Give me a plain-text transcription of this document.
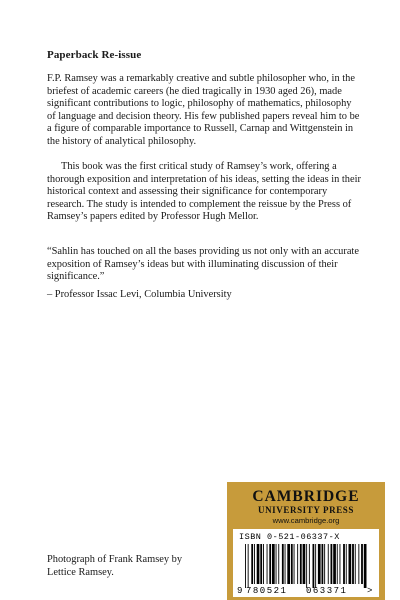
Paperback Re-issue
F.P. Ramsey was a remarkably creative and subtle philosopher who, in the briefest of academic careers (he died tragically in 1930 aged 26), made significant contributions to logic, philosophy of mathematics, philosophy of language and decision theory. His few published papers reveal him to be a figure of comparable importance to Russell, Carnap and Wittgenstein in the history of analytical philosophy.
This book was the first critical study of Ramsey’s work, offering a thorough exposition and interpretation of his ideas, setting the ideas in their historical context and assessing their significance for contemporary research. The study is intended to complement the reissue by the Press of Ramsey’s papers edited by Professor Hugh Mellor.
“Sahlin has touched on all the bases providing us not only with an accurate exposition of Ramsey’s ideas but with illuminating discussion of their significance.”
– Professor Issac Levi, Columbia University
Photograph of Frank Ramsey by Lettice Ramsey.
CAMBRIDGE
UNIVERSITY PRESS
www.cambridge.org
ISBN 0-521-06337-X
9 780521 063371 >
